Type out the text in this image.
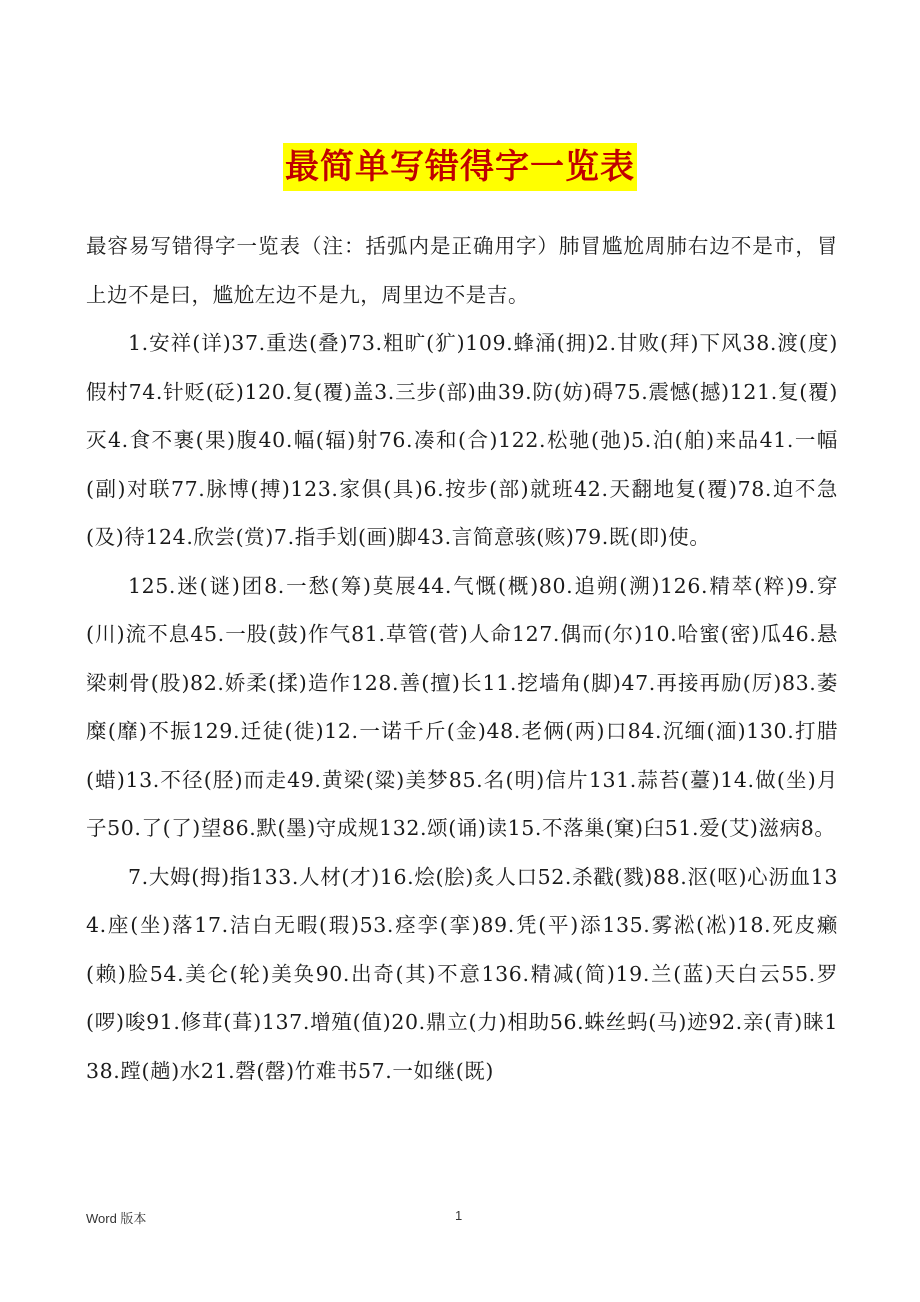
最简单写错得字一览表

最容易写错得字一览表（注：括弧内是正确用字）肺冒尴尬周肺右边不是市，冒上边不是曰，尴尬左边不是九，周里边不是吉。

1.安祥(详)37.重迭(叠)73.粗旷(犷)109.蜂涌(拥)2.甘败(拜)下风38.渡(度)假村74.针贬(砭)120.复(覆)盖3.三步(部)曲39.防(妨)碍75.震憾(撼)121.复(覆)灭4.食不裹(果)腹40.幅(辐)射76.凑和(合)122.松驰(弛)5.泊(舶)来品41.一幅(副)对联77.脉博(搏)123.家俱(具)6.按步(部)就班42.天翻地复(覆)78.迫不急(及)待124.欣尝(赏)7.指手划(画)脚43.言简意骇(赅)79.既(即)使。

125.迷(谜)团8.一愁(筹)莫展44.气慨(概)80.追朔(溯)126.精萃(粹)9.穿(川)流不息45.一股(鼓)作气81.草管(菅)人命127.偶而(尔)10.哈蜜(密)瓜46.悬梁刺骨(股)82.娇柔(揉)造作128.善(擅)长11.挖墙角(脚)47.再接再励(厉)83.萎糜(靡)不振129.迁徒(徙)12.一诺千斤(金)48.老俩(两)口84.沉缅(湎)130.打腊(蜡)13.不径(胫)而走49.黄梁(粱)美梦85.名(明)信片131.蒜苔(薹)14.做(坐)月子50.了(了)望86.默(墨)守成规132.颂(诵)读15.不落巢(窠)臼51.爱(艾)滋病8。

7.大姆(拇)指133.人材(才)16.烩(脍)炙人口52.杀戳(戮)88.沤(呕)心沥血134.座(坐)落17.洁白无暇(瑕)53.痉孪(挛)89.凭(平)添135.雾淞(凇)18.死皮癞(赖)脸54.美仑(轮)美奂90.出奇(其)不意136.精减(简)19.兰(蓝)天白云55.罗(啰)唆91.修茸(葺)137.增殖(值)20.鼎立(力)相助56.蛛丝蚂(马)迹92.亲(青)睐138.蹚(趟)水21.磬(罄)竹难书57.一如继(既)

Word 版本	1
